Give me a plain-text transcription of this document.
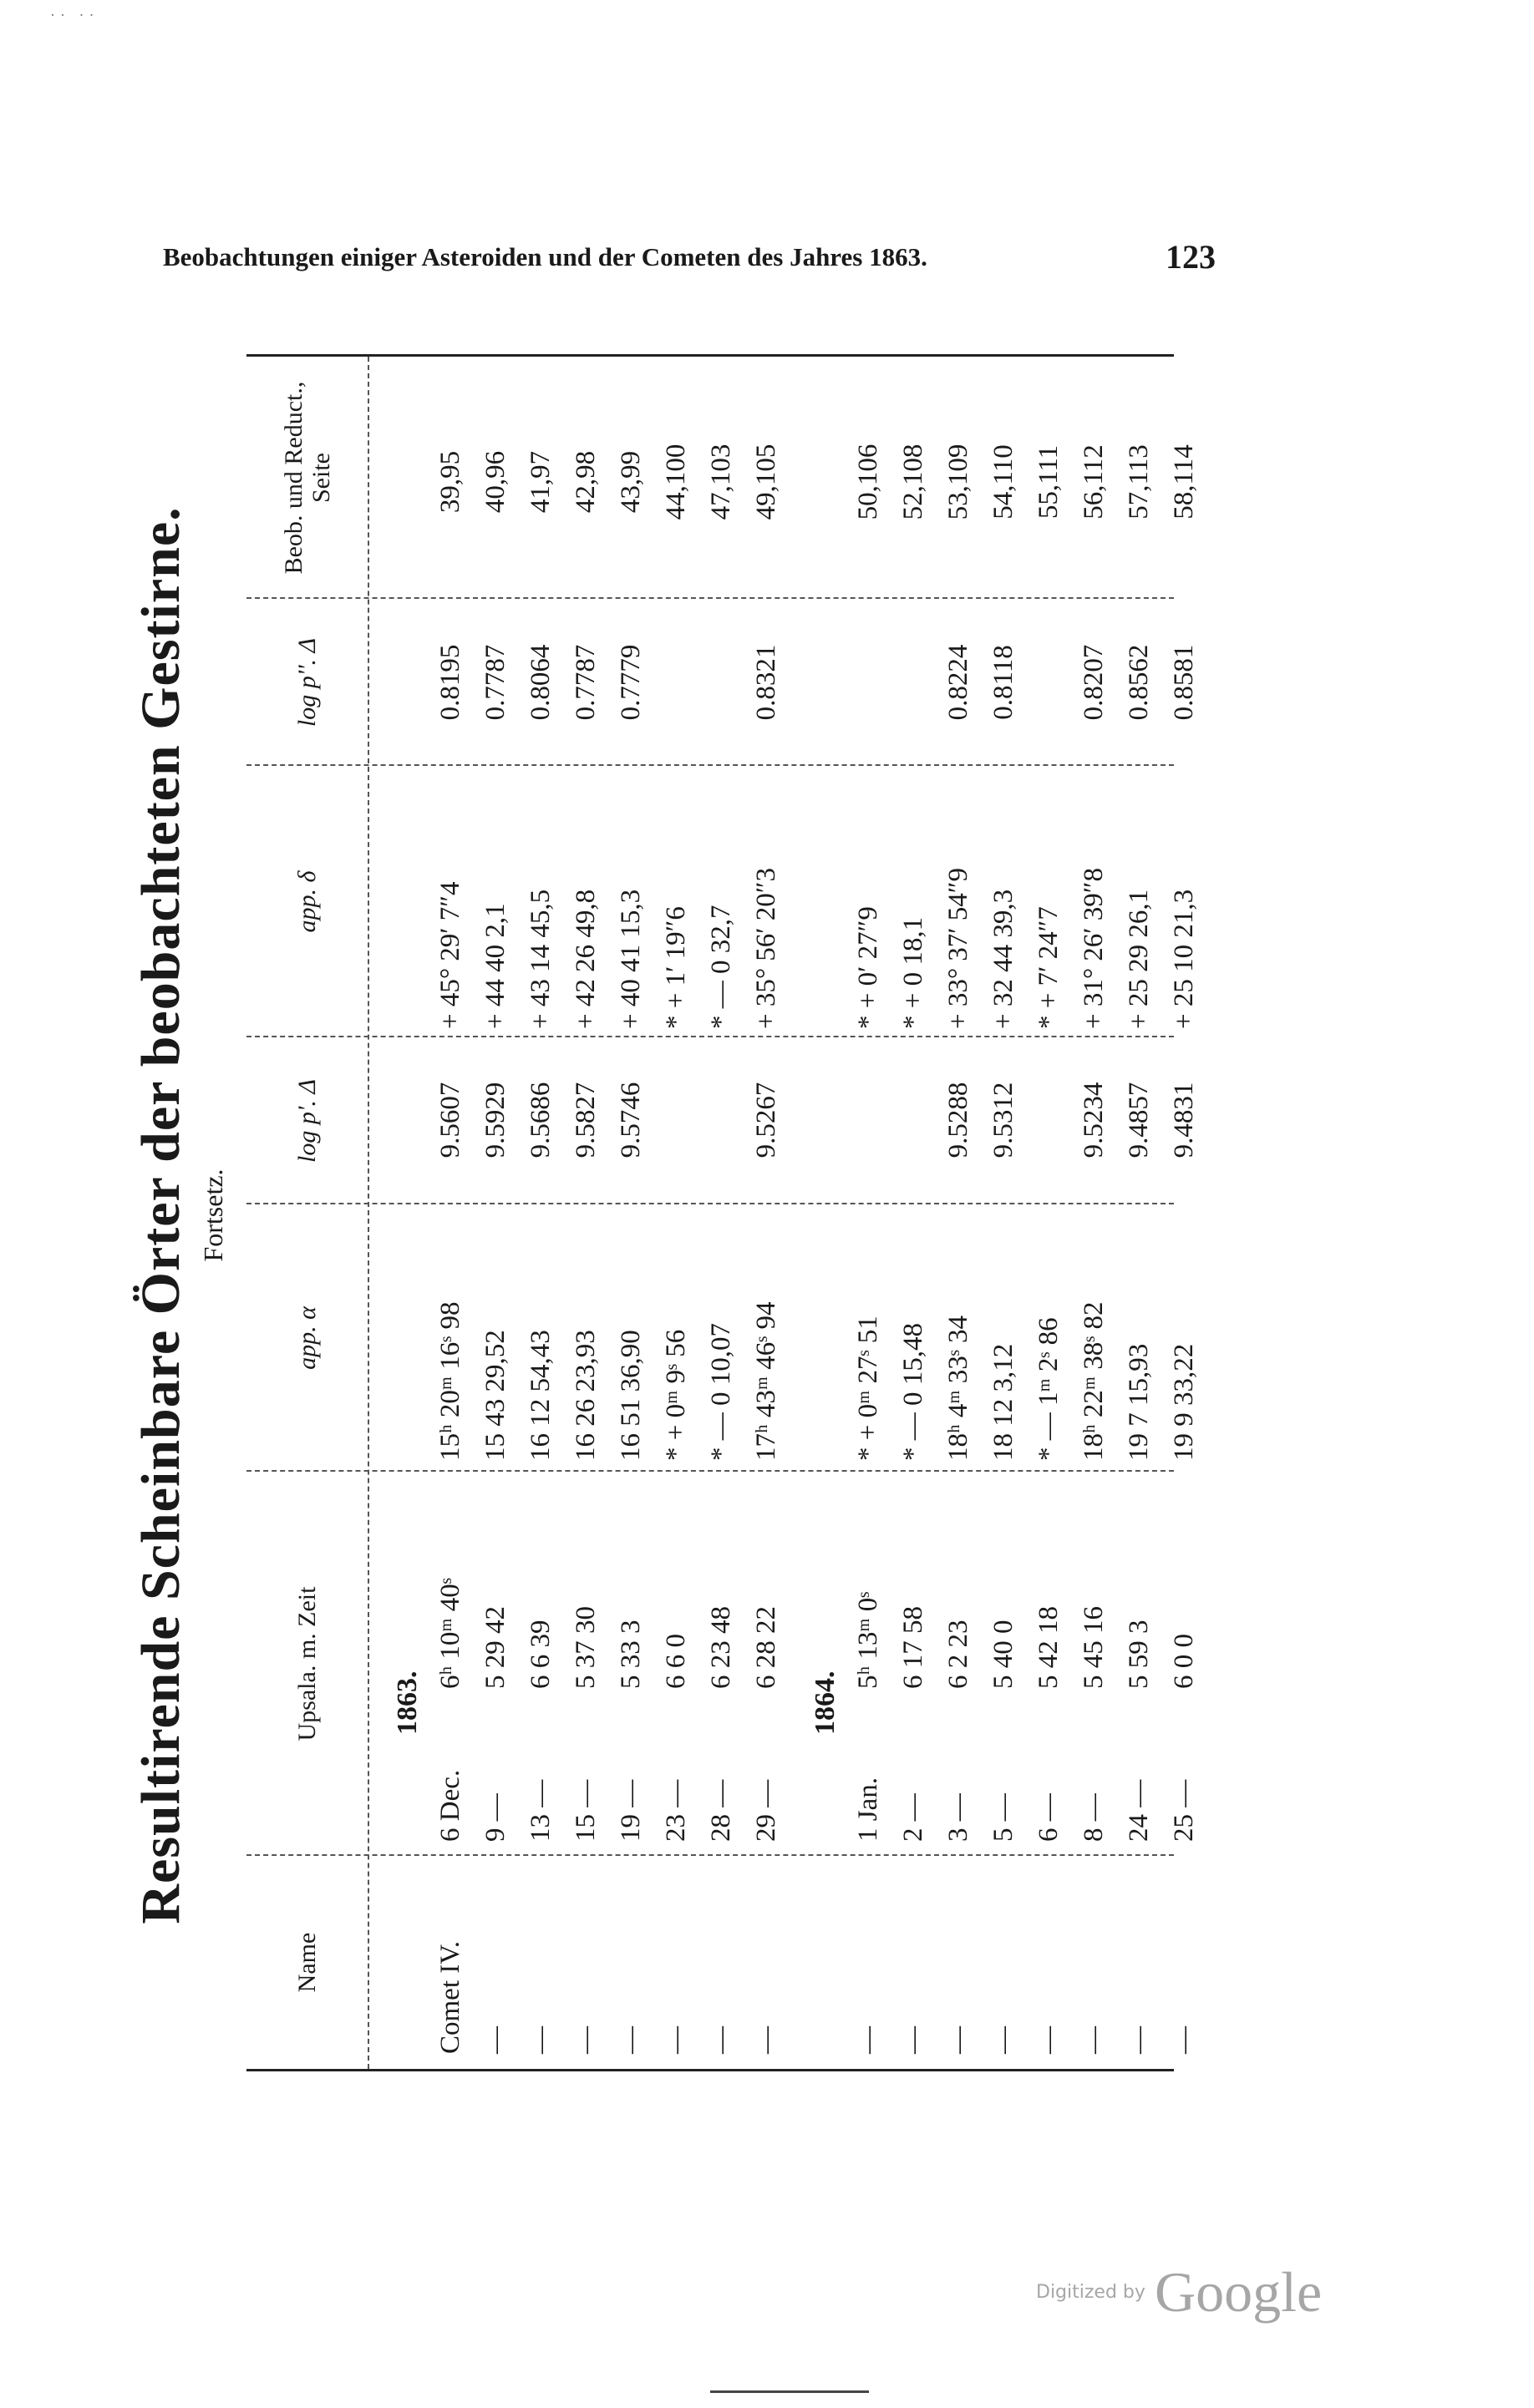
·· ··
Beobachtungen einiger Asteroiden und der Cometen des Jahres 1863.	123
Resultirende Scheinbare Örter der beobachteten Gestirne. Fortsetz.
Name
Upsala. m. Zeit
app. α
log p'. Δ
app. δ
log p''. Δ
Beob. und Reduct., Seite
1863.
Comet IV.
6 Dec.
6ʰ 10ᵐ 40ˢ
15ʰ 20ᵐ 16ˢ 98
9.5607
+ 45° 29′ 7″4
0.8195
39,95
—
9 —
5 29 42
15 43 29,52
9.5929
+ 44 40 2,1
0.7787
40,96
—
13 —
6 6 39
16 12 54,43
9.5686
+ 43 14 45,5
0.8064
41,97
—
15 —
5 37 30
16 26 23,93
9.5827
+ 42 26 49,8
0.7787
42,98
—
19 —
5 33 3
16 51 36,90
9.5746
+ 40 41 15,3
0.7779
43,99
—
23 —
6 6 0
* + 0ᵐ 9ˢ 56
* + 1′ 19″6
44,100
—
28 —
6 23 48
* — 0 10,07
* — 0 32,7
47,103
—
29 —
6 28 22
17ʰ 43ᵐ 46ˢ 94
9.5267
+ 35° 56′ 20″3
0.8321
49,105
1864.
—
1 Jan.
5ʰ 13ᵐ 0ˢ
* + 0ᵐ 27ˢ 51
* + 0′ 27″9
50,106
—
2 —
6 17 58
* — 0 15,48
* + 0 18,1
52,108
—
3 —
6 2 23
18ʰ 4ᵐ 33ˢ 34
9.5288
+ 33° 37′ 54″9
0.8224
53,109
—
5 —
5 40 0
18 12 3,12
9.5312
+ 32 44 39,3
0.8118
54,110
—
6 —
5 42 18
* — 1ᵐ 2ˢ 86
* + 7′ 24″7
55,111
—
8 —
5 45 16
18ʰ 22ᵐ 38ˢ 82
9.5234
+ 31° 26′ 39″8
0.8207
56,112
—
24 —
5 59 3
19 7 15,93
9.4857
+ 25 29 26,1
0.8562
57,113
—
25 —
6 0 0
19 9 33,22
9.4831
+ 25 10 21,3
0.8581
58,114
Digitized by Google
